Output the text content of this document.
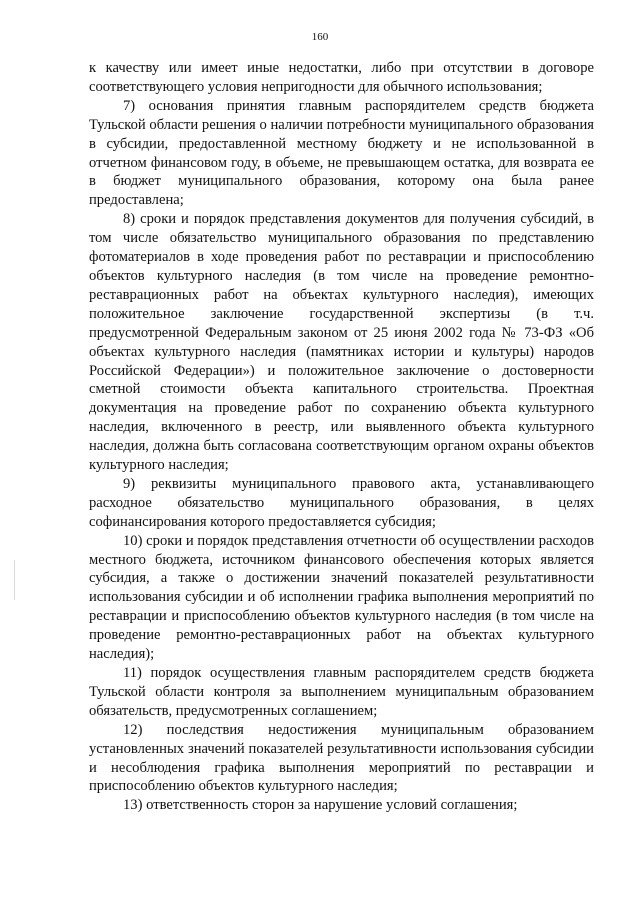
160

к качеству или имеет иные недостатки, либо при отсутствии в договоре соответствующего условия непригодности для обычного использования;

7) основания принятия главным распорядителем средств бюджета Тульской области решения о наличии потребности муниципального образования в субсидии, предоставленной местному бюджету и не использованной в отчетном финансовом году, в объеме, не превышающем остатка, для возврата ее в бюджет муниципального образования, которому она была ранее предоставлена;

8) сроки и порядок представления документов для получения субсидий, в том числе обязательство муниципального образования по представлению фотоматериалов в ходе проведения работ по реставрации и приспособлению объектов культурного наследия (в том числе на проведение ремонтно-реставрационных работ на объектах культурного наследия), имеющих положительное заключение государственной экспертизы (в т.ч. предусмотренной Федеральным законом от 25 июня 2002 года № 73-ФЗ «Об объектах культурного наследия (памятниках истории и культуры) народов Российской Федерации») и положительное заключение о достоверности сметной стоимости объекта капитального строительства. Проектная документация на проведение работ по сохранению объекта культурного наследия, включенного в реестр, или выявленного объекта культурного наследия, должна быть согласована соответствующим органом охраны объектов культурного наследия;

9) реквизиты муниципального правового акта, устанавливающего расходное обязательство муниципального образования, в целях софинансирования которого предоставляется субсидия;

10) сроки и порядок представления отчетности об осуществлении расходов местного бюджета, источником финансового обеспечения которых является субсидия, а также о достижении значений показателей результативности использования субсидии и об исполнении графика выполнения мероприятий по реставрации и приспособлению объектов культурного наследия (в том числе на проведение ремонтно-реставрационных работ на объектах культурного наследия);

11) порядок осуществления главным распорядителем средств бюджета Тульской области контроля за выполнением муниципальным образованием обязательств, предусмотренных соглашением;

12) последствия недостижения муниципальным образованием установленных значений показателей результативности использования субсидии и несоблюдения графика выполнения мероприятий по реставрации и приспособлению объектов культурного наследия;

13) ответственность сторон за нарушение условий соглашения;
